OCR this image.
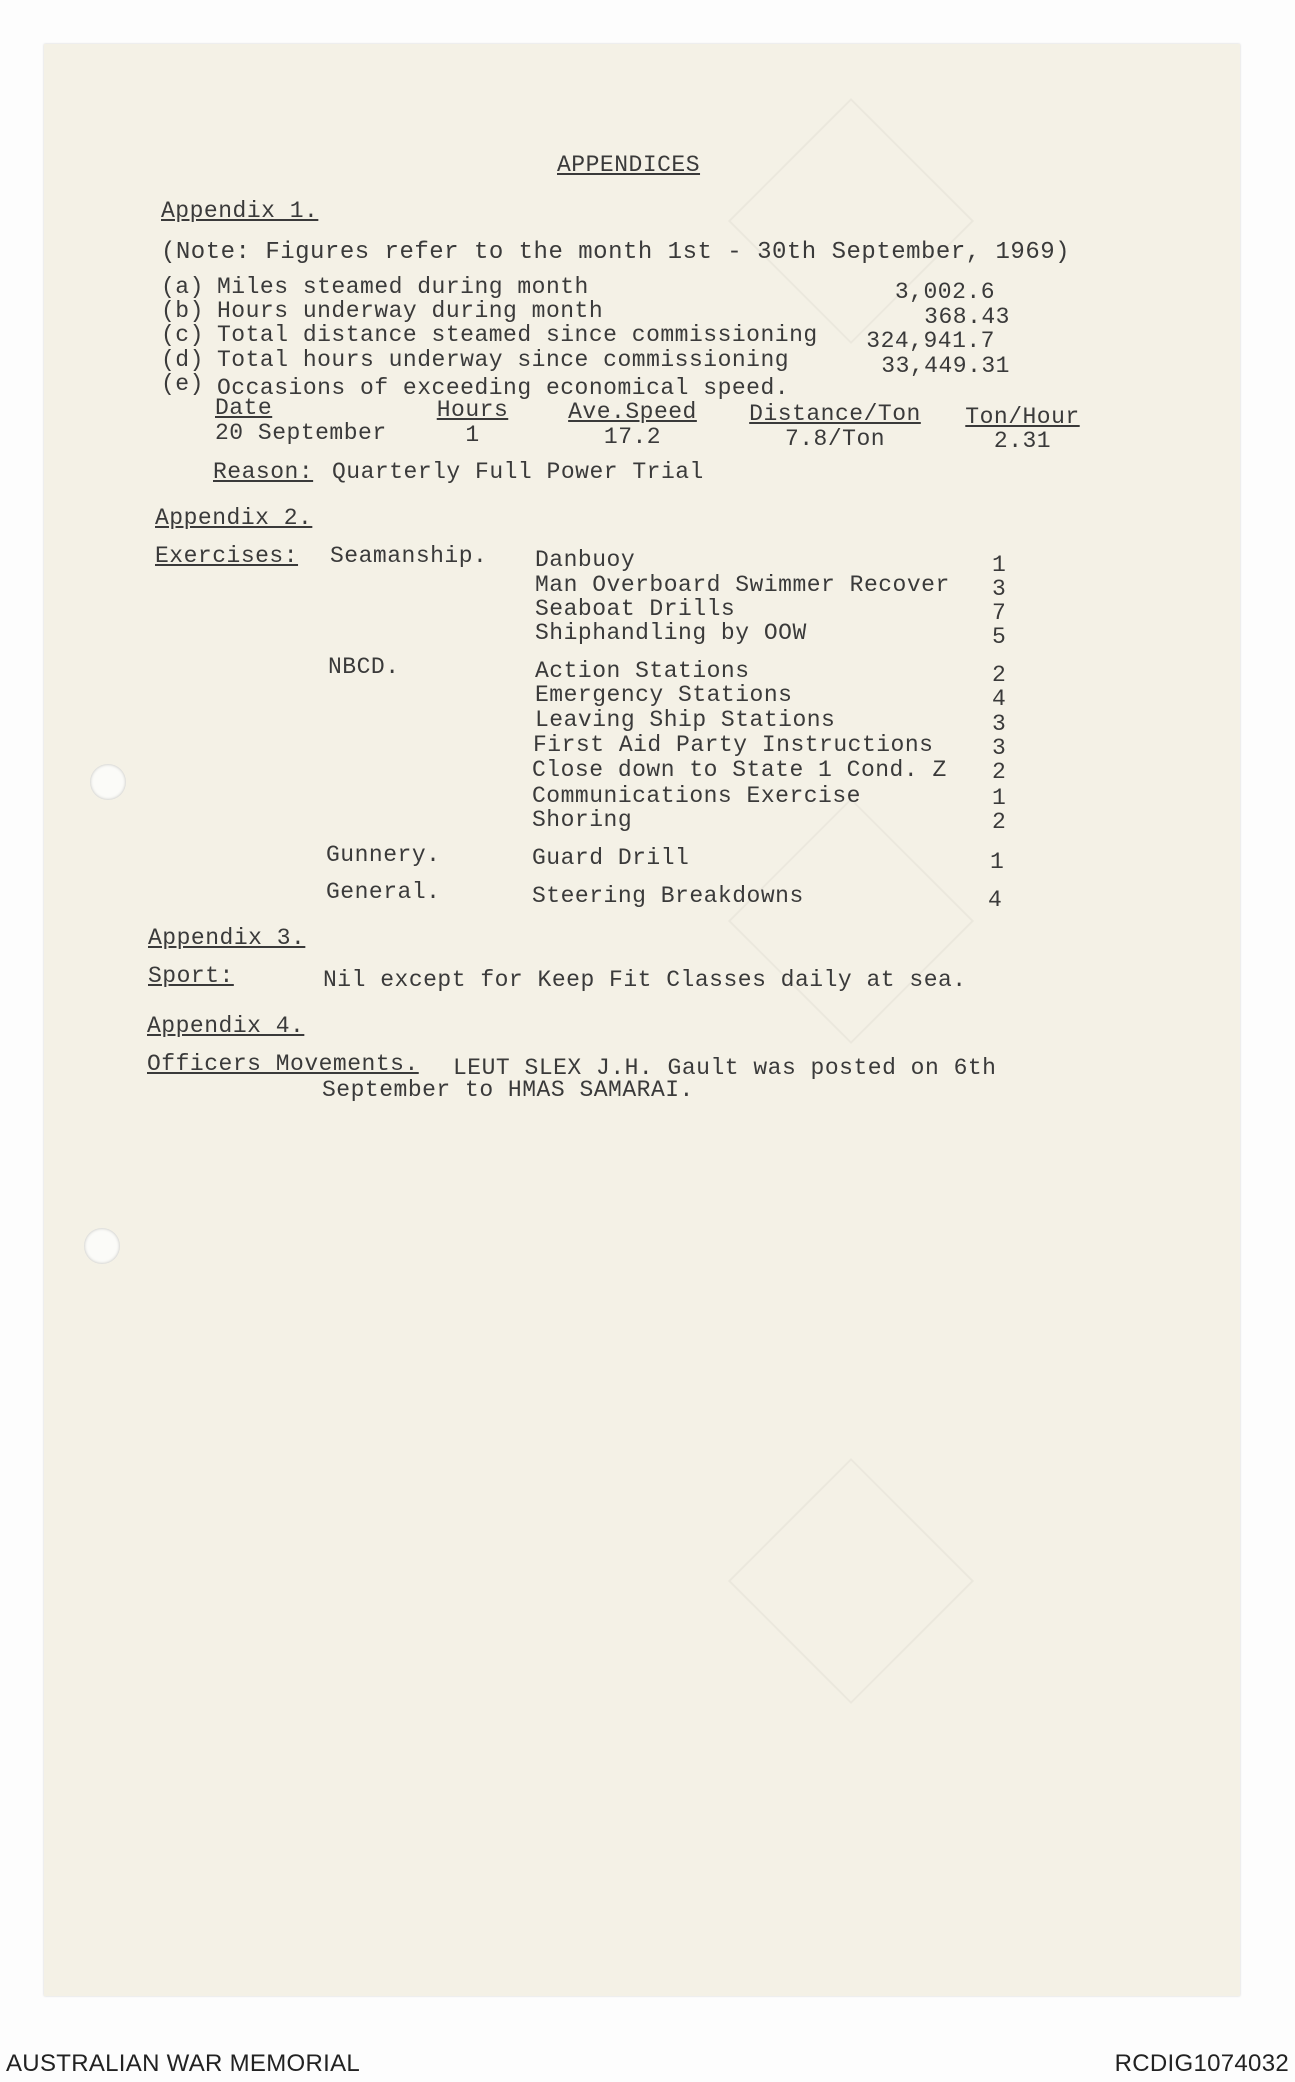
APPENDICES
Appendix 1.
(Note: Figures refer to the month 1st - 30th September, 1969)
(a) Miles steamed during month	3,002.6
(b) Hours underway during month	368.43
(c) Total distance steamed since commissioning	324,941.7
(d) Total hours underway since commissioning	33,449.31
(e) Occasions of exceeding economical speed.
Date	Hours	Ave.Speed	Distance/Ton	Ton/Hour
20 September	1	17.2	7.8/Ton	2.31
Reason: Quarterly Full Power Trial
Appendix 2.
Exercises: Seamanship. Danbuoy	1
Man Overboard Swimmer Recover 3
Seaboat Drills	7
Shiphandling by OOW	5
NBCD.	Action Stations	2
Emergency Stations	4
Leaving Ship Stations	3
First Aid Party Instructions	3
Close down to State 1 Cond. Z 2
Communications Exercise	1
Shoring	2
Gunnery.	Guard Drill	1
General.	Steering Breakdowns	4
Appendix 3.
Sport:	Nil except for Keep Fit Classes daily at sea.
Appendix 4.
Officers Movements. LEUT SLEX J.H. Gault was posted on 6th
September to HMAS SAMARAI.
AUSTRALIAN WAR MEMORIAL	RCDIG1074032
